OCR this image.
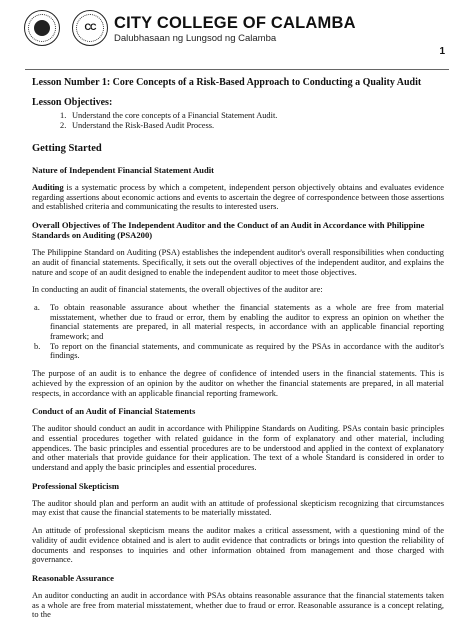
CC	CITY COLLEGE OF CALAMBA
Dalubhasaan ng Lungsod ng Calamba
1
Lesson Number 1: Core Concepts of a Risk-Based Approach to Conducting a Quality Audit
Lesson Objectives:
1. Understand the core concepts of a Financial Statement Audit.
2. Understand the Risk-Based Audit Process.
Getting Started
Nature of Independent Financial Statement Audit

Auditing is a systematic process by which a competent, independent person objectively obtains and evaluates evidence regarding assertions about economic actions and events to ascertain the degree of correspondence between those assertions and established criteria and communicating the results to interested users.

Overall Objectives of The Independent Auditor and the Conduct of an Audit in Accordance with Philippine Standards on Auditing (PSA200)

The Philippine Standard on Auditing (PSA) establishes the independent auditor's overall responsibilities when conducting an audit of financial statements. Specifically, it sets out the overall objectives of the independent auditor, and explains the nature and scope of an audit designed to enable the independent auditor to meet those objectives.

In conducting an audit of financial statements, the overall objectives of the auditor are:

a. To obtain reasonable assurance about whether the financial statements as a whole are free from material misstatement, whether due to fraud or error, them by enabling the auditor to express an opinion on whether the financial statements are prepared, in all material respects, in accordance with an applicable financial reporting framework; and
b. To report on the financial statements, and communicate as required by the PSAs in accordance with the auditor's findings.

The purpose of an audit is to enhance the degree of confidence of intended users in the financial statements. This is achieved by the expression of an opinion by the auditor on whether the financial statements are prepared, in all material respects, in accordance with an applicable financial reporting framework.

Conduct of an Audit of Financial Statements

The auditor should conduct an audit in accordance with Philippine Standards on Auditing. PSAs contain basic principles and essential procedures together with related guidance in the form of explanatory and other material, including appendices. The basic principles and essential procedures are to be understood and applied in the context of explanatory and other materials that provide guidance for their application. The text of a whole Standard is considered in order to understand and apply the basic principles and essential procedures.

Professional Skepticism

The auditor should plan and perform an audit with an attitude of professional skepticism recognizing that circumstances may exist that cause the financial statements to be materially misstated.

An attitude of professional skepticism means the auditor makes a critical assessment, with a questioning mind of the validity of audit evidence obtained and is alert to audit evidence that contradicts or brings into question the reliability of documents and responses to inquiries and other information obtained from management and those charged with governance.

Reasonable Assurance

An auditor conducting an audit in accordance with PSAs obtains reasonable assurance that the financial statements taken as a whole are free from material misstatement, whether due to fraud or error. Reasonable assurance is a concept relating, to the
